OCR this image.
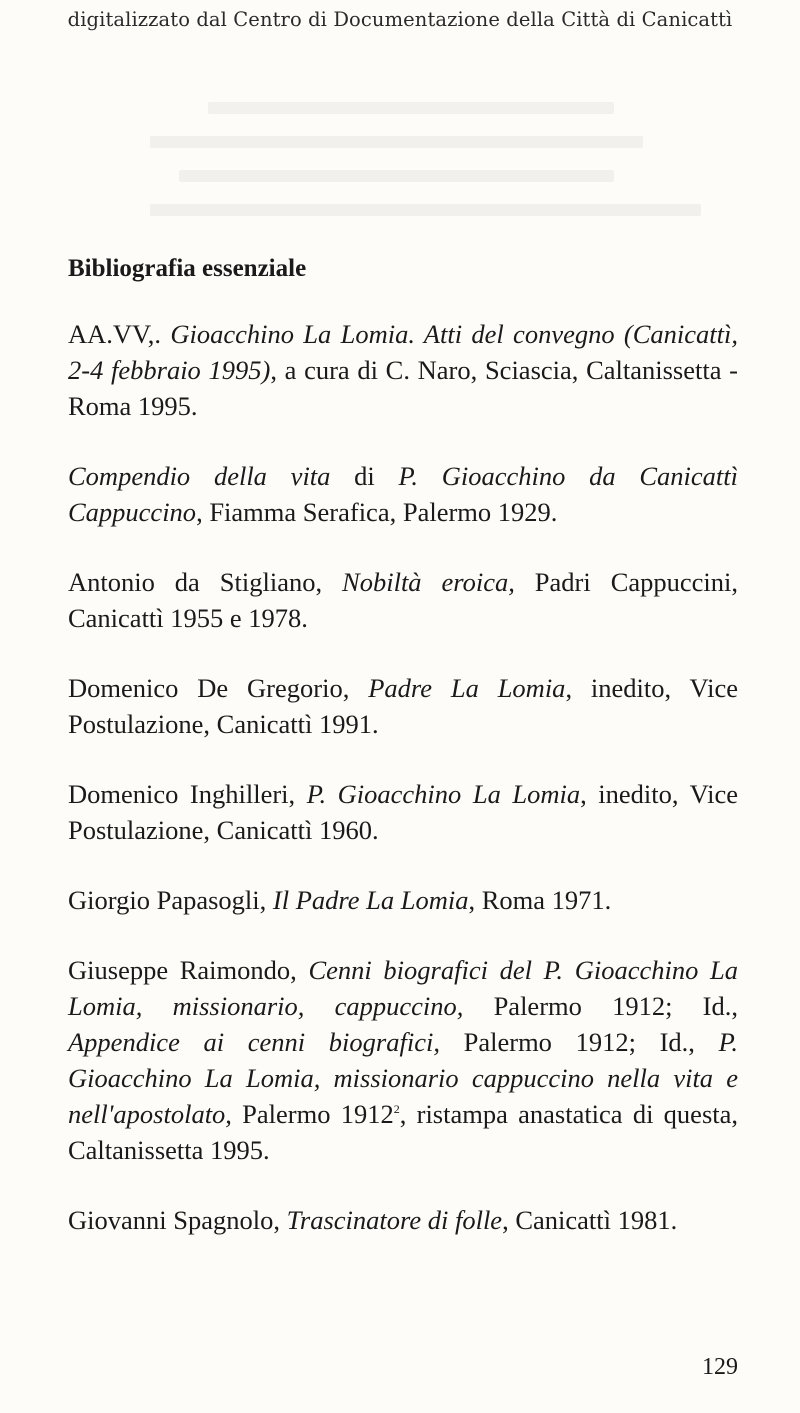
digitalizzato dal Centro di Documentazione della Città di Canicattì
Bibliografia essenziale

AA.VV,. Gioacchino La Lomia. Atti del convegno (Canicattì, 2-4 febbraio 1995), a cura di C. Naro, Sciascia, Caltanissetta - Roma 1995.

Compendio della vita di P. Gioacchino da Canicattì Cappuccino, Fiamma Serafica, Palermo 1929.

Antonio da Stigliano, Nobiltà eroica, Padri Cappuccini, Canicattì 1955 e 1978.

Domenico De Gregorio, Padre La Lomia, inedito, Vice Postulazione, Canicattì 1991.

Domenico Inghilleri, P. Gioacchino La Lomia, inedito, Vice Postulazione, Canicattì 1960.

Giorgio Papasogli, Il Padre La Lomia, Roma 1971.

Giuseppe Raimondo, Cenni biografici del P. Gioacchino La Lomia, missionario, cappuccino, Palermo 1912; Id., Appendice ai cenni biografici, Palermo 1912; Id., P. Gioacchino La Lomia, missionario cappuccino nella vita e nell'apostolato, Palermo 1912$^2$, ristampa anastatica di questa, Caltanissetta 1995.

Giovanni Spagnolo, Trascinatore di folle, Canicattì 1981.

129
